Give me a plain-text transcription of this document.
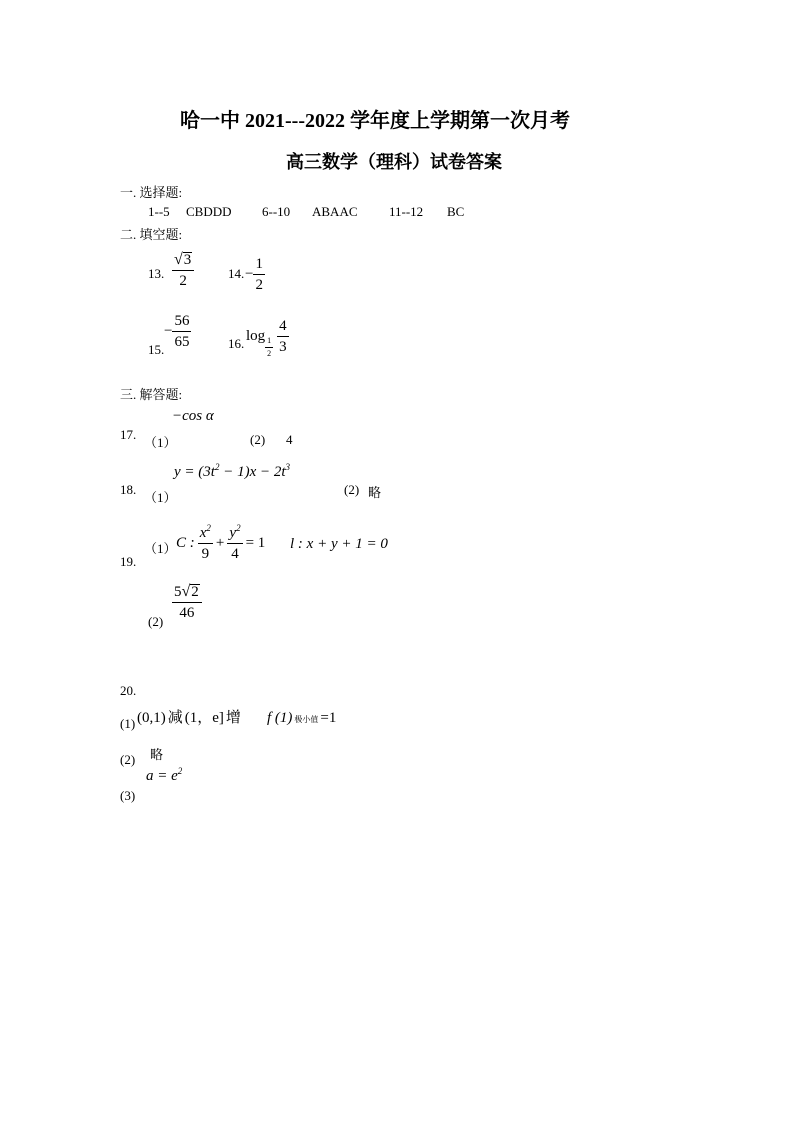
哈一中 2021---2022 学年度上学期第一次月考
高三数学（理科）试卷答案
一. 选择题:
1--5 CBDDD 6--10 ABAAC 11--12 BC
二. 填空题:
13. $\frac{√ 3}{2}$	14. − $\frac{1}{2}$
15.
− $\frac{56}{65}$	16. log
$\frac{1}{2} \frac{4}{3}$
三. 解答题:
17.
（1）
−cos α
(2) 4
18.
（1）
$y = (3t^2 - 1)x - 2t^3$
(2) 略
19.
（1） C : $\frac{x^2}{9} + \frac{y^2}{4} = 1$ l : x + y + 1 = 0
(2)
$\frac{5 √ 2}{46}$
20.
(1) (0,1) 减 (1，e] 增 f (1) 极小值 =1
(2) 略
(3)
$a = e^2$
